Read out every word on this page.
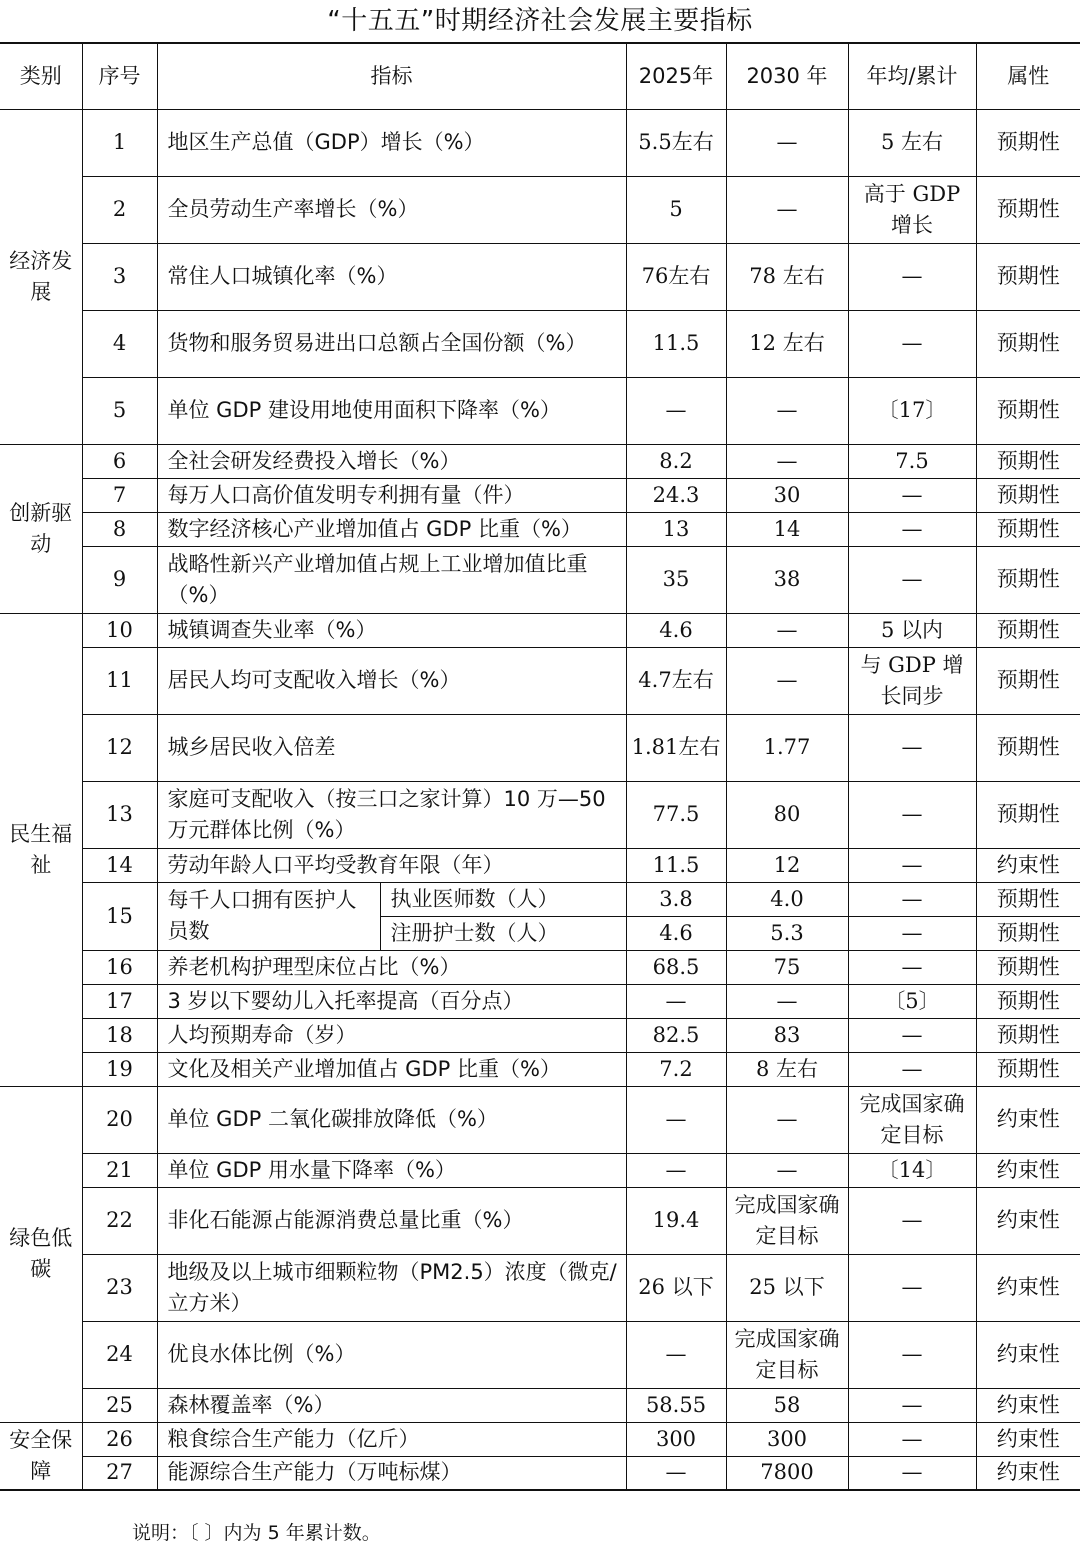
“十五五”时期经济社会发展主要指标
类别	序号	指标		2025年	2030 年	年均/累计	属性
经济发展	1	地区生产总值（GDP）增长（%）		5.5左右	—	5 左右	预期性
	2	全员劳动生产率增长（%）		5	—	高于 GDP 增长	预期性
	3	常住人口城镇化率（%）		76左右	78 左右	—	预期性
	4	货物和服务贸易进出口总额占全国份额（%）		11.5	12 左右	—	预期性
	5	单位 GDP 建设用地使用面积下降率（%）		—	—	〔17〕	预期性
创新驱动	6	全社会研发经费投入增长（%）		8.2	—	7.5	预期性
	7	每万人口高价值发明专利拥有量（件）		24.3	30	—	预期性
	8	数字经济核心产业增加值占 GDP 比重（%）		13	14	—	预期性
	9	战略性新兴产业增加值占规上工业增加值比重（%）		35	38	—	预期性
民生福祉	10	城镇调查失业率（%）		4.6	—	5 以内	预期性
	11	居民人均可支配收入增长（%）		4.7左右	—	与 GDP 增长同步	预期性
	12	城乡居民收入倍差		1.81左右	1.77	—	预期性
	13	家庭可支配收入（按三口之家计算）10 万—50 万元群体比例（%）		77.5	80	—	预期性
	14	劳动年龄人口平均受教育年限（年）		11.5	12	—	约束性
	15	每千人口拥有医护人员数	执业医师数（人）	3.8	4.0	—	预期性
			注册护士数（人）	4.6	5.3	—	预期性
	16	养老机构护理型床位占比（%）		68.5	75	—	预期性
	17	3 岁以下婴幼儿入托率提高（百分点）		—	—	〔5〕	预期性
	18	人均预期寿命（岁）		82.5	83	—	预期性
	19	文化及相关产业增加值占 GDP 比重（%）		7.2	8 左右	—	预期性
绿色低碳	20	单位 GDP 二氧化碳排放降低（%）		—	—	完成国家确定目标	约束性
	21	单位 GDP 用水量下降率（%）		—	—	〔14〕	约束性
	22	非化石能源占能源消费总量比重（%）		19.4	完成国家确定目标	—	约束性
	23	地级及以上城市细颗粒物（PM2.5）浓度（微克/立方米）		26 以下	25 以下	—	约束性
	24	优良水体比例（%）		—	完成国家确定目标	—	约束性
	25	森林覆盖率（%）		58.55	58	—	约束性
安全保障	26	粮食综合生产能力（亿斤）		300	300	—	约束性
	27	能源综合生产能力（万吨标煤）		—	7800	—	约束性
说明：〔 〕内为 5 年累计数。
